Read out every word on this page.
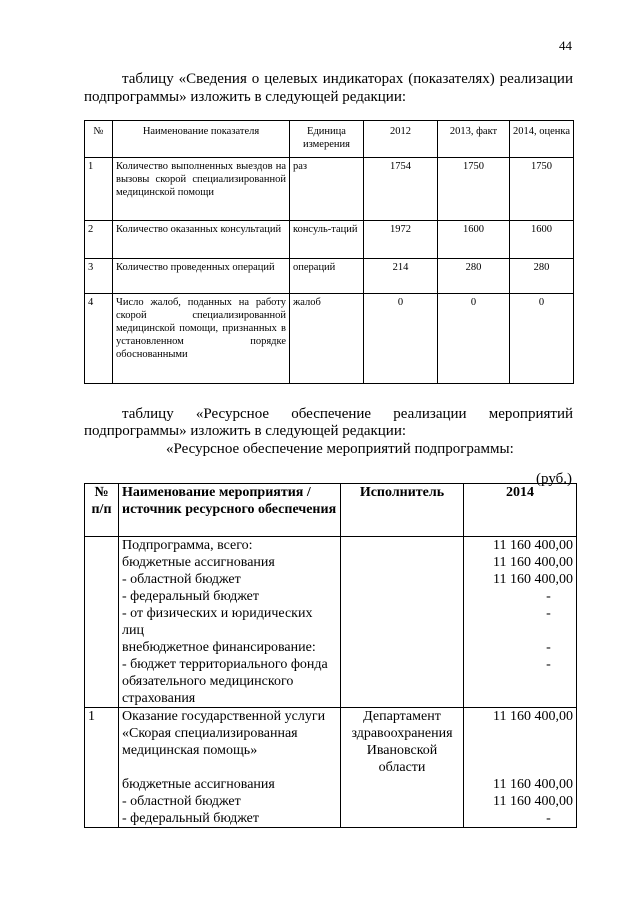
44
таблицу «Сведения о целевых индикаторах (показателях) реализации
подпрограммы» изложить в следующей редакции:
№	Наименование показателя	Единица измерения	2012	2013, факт	2014, оценка
1	Количество выполненных выездов на вызовы скорой специализированной медицинской помощи	раз	1754	1750	1750
2	Количество оказанных консультаций	консуль-таций	1972	1600	1600
3	Количество проведенных операций	операций	214	280	280
4	Число жалоб, поданных на работу скорой специализированной медицинской помощи, признанных в установленном порядке обоснованными	жалоб	0	0	0
таблицу «Ресурсное обеспечение реализации мероприятий
подпрограммы» изложить в следующей редакции:
«Ресурсное обеспечение мероприятий подпрограммы:
(руб.)
№ п/п	Наименование мероприятия / источник ресурсного обеспечения	Исполнитель	2014
	Подпрограмма, всего:		11 160 400,00
	бюджетные ассигнования		11 160 400,00
	- областной бюджет		11 160 400,00
	- федеральный бюджет		-
	- от физических и юридических лиц		-
	внебюджетное финансирование:		-
	- бюджет территориального фонда обязательного медицинского страхования		-
1	Оказание государственной услуги «Скорая специализированная медицинская помощь»	Департамент здравоохранения Ивановской области	11 160 400,00
	бюджетные ассигнования		11 160 400,00
	- областной бюджет		11 160 400,00
	- федеральный бюджет		-
